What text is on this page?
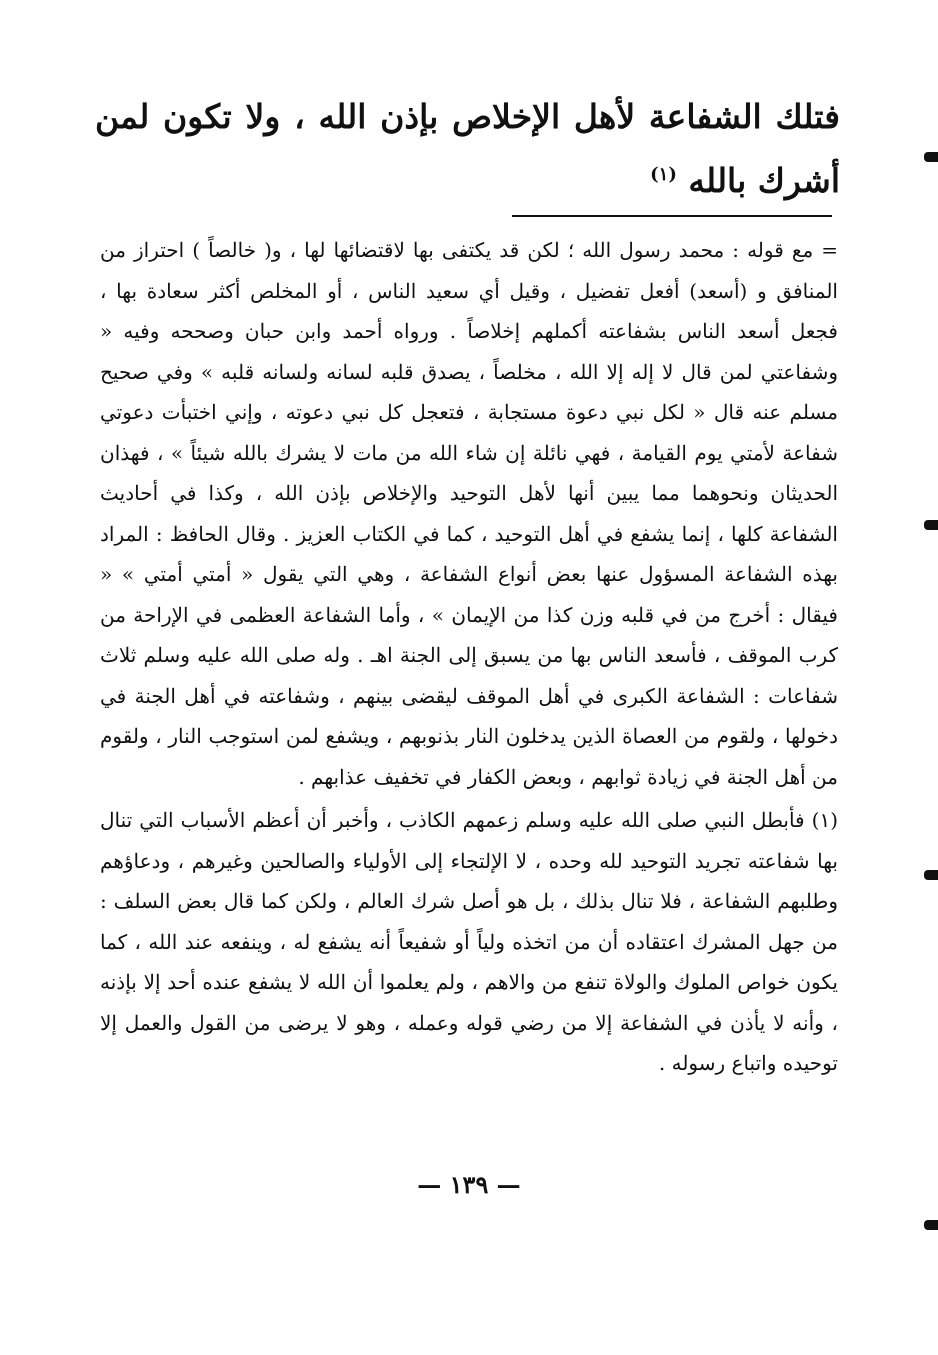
فتلك الشفاعة لأهل الإخلاص بإذن الله ، ولا تكون لمن أشرك بالله $^{(١)}$

= مع قوله : محمد رسول الله ؛ لكن قد يكتفى بها لاقتضائها لها ، و( خالصاً ) احتراز من المنافق و (أسعد) أفعل تفضيل ، وقيل أي سعيد الناس ، أو المخلص أكثر سعادة بها ، فجعل أسعد الناس بشفاعته أكملهم إخلاصاً . ورواه أحمد وابن حبان وصححه وفيه « وشفاعتي لمن قال لا إله إلا الله ، مخلصاً ، يصدق قلبه لسانه ولسانه قلبه » وفي صحيح مسلم عنه قال « لكل نبي دعوة مستجابة ، فتعجل كل نبي دعوته ، وإني اختبأت دعوتي شفاعة لأمتي يوم القيامة ، فهي نائلة إن شاء الله من مات لا يشرك بالله شيئاً » ، فهذان الحديثان ونحوهما مما يبين أنها لأهل التوحيد والإخلاص بإذن الله ، وكذا في أحاديث الشفاعة كلها ، إنما يشفع في أهل التوحيد ، كما في الكتاب العزيز . وقال الحافظ : المراد بهذه الشفاعة المسؤول عنها بعض أنواع الشفاعة ، وهي التي يقول « أمتي أمتي » « فيقال : أخرج من في قلبه وزن كذا من الإيمان » ، وأما الشفاعة العظمى في الإراحة من كرب الموقف ، فأسعد الناس بها من يسبق إلى الجنة اهـ . وله صلى الله عليه وسلم ثلاث شفاعات : الشفاعة الكبرى في أهل الموقف ليقضى بينهم ، وشفاعته في أهل الجنة في دخولها ، ولقوم من العصاة الذين يدخلون النار بذنوبهم ، ويشفع لمن استوجب النار ، ولقوم من أهل الجنة في زيادة ثوابهم ، وبعض الكفار في تخفيف عذابهم .

(١) فأبطل النبي صلى الله عليه وسلم زعمهم الكاذب ، وأخبر أن أعظم الأسباب التي تنال بها شفاعته تجريد التوحيد لله وحده ، لا الإلتجاء إلى الأولياء والصالحين وغيرهم ، ودعاؤهم وطلبهم الشفاعة ، فلا تنال بذلك ، بل هو أصل شرك العالم ، ولكن كما قال بعض السلف : من جهل المشرك اعتقاده أن من اتخذه ولياً أو شفيعاً أنه يشفع له ، وينفعه عند الله ، كما يكون خواص الملوك والولاة تنفع من والاهم ، ولم يعلموا أن الله لا يشفع عنده أحد إلا بإذنه ، وأنه لا يأذن في الشفاعة إلا من رضي قوله وعمله ، وهو لا يرضى من القول والعمل إلا توحيده واتباع رسوله .

— ١٣٩ —
